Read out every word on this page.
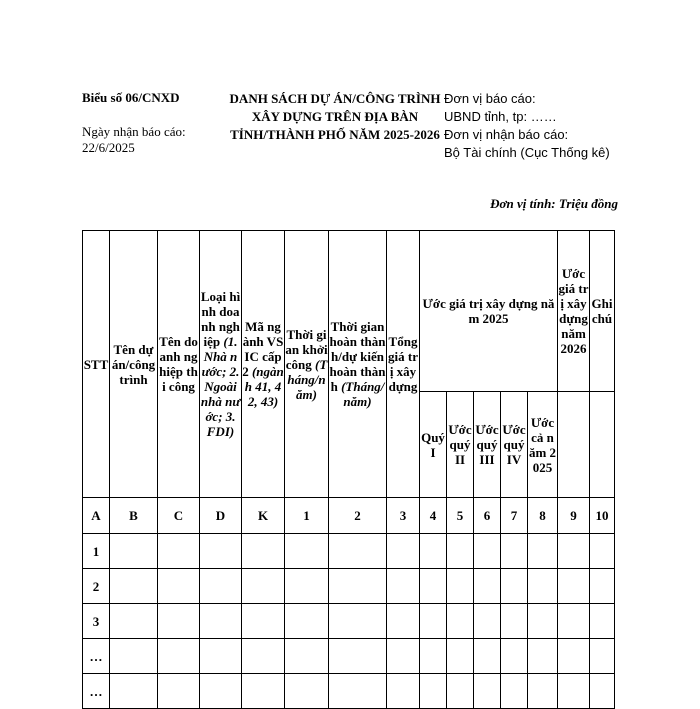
Biểu số 06/CNXD
Ngày nhận báo cáo:
22/6/2025
DANH SÁCH DỰ ÁN/CÔNG TRÌNH XÂY DỰNG TRÊN ĐỊA BÀN TỈNH/THÀNH PHỐ NĂM 2025-2026
Đơn vị báo cáo:
UBND tỉnh, tp: ……
Đơn vị nhận báo cáo:
Bộ Tài chính (Cục Thống kê)
Đơn vị tính: Triệu đồng
STT	Tên dự án/công trình	Tên doanh nghiệp thi công	Loại hình doanh nghiệp (1. Nhà nước; 2. Ngoài nhà nước; 3. FDI)	Mã ngành VSIC cấp 2 (ngành 41, 42, 43)	Thời gian khởi công (Tháng/năm)	Thời gian hoàn thành/dự kiến hoàn thành (Tháng/năm)	Tổng giá trị xây dựng	Ước giá trị xây dựng năm 2025					Ước giá trị xây dựng năm 2026	Ghi chú
								Quý I	Ước quý II	Ước quý III	Ước quý IV	Ước cả năm 2025		
A	B	C	D	K	1	2	3	4	5	6	7	8	9	10
1														
2														
3														
…														
…														
